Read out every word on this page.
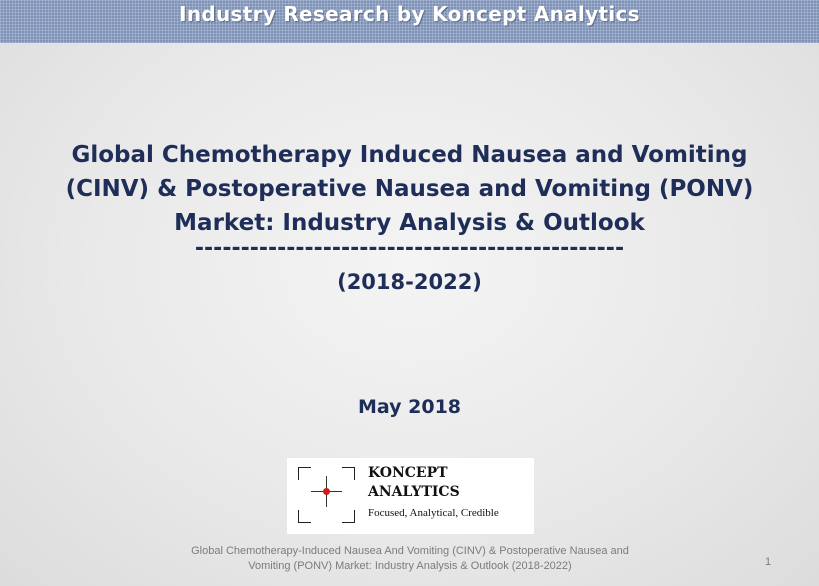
Industry Research by Koncept Analytics
Global Chemotherapy Induced Nausea and Vomiting
(CINV) & Postoperative Nausea and Vomiting (PONV)
Market: Industry Analysis & Outlook
-----------------------------------------------
(2018-2022)
May 2018
KONCEPT
ANALYTICS
Focused, Analytical, Credible
Global Chemotherapy-Induced Nausea And Vomiting (CINV) & Postoperative Nausea and
Vomiting (PONV) Market: Industry Analysis & Outlook (2018-2022)	1
